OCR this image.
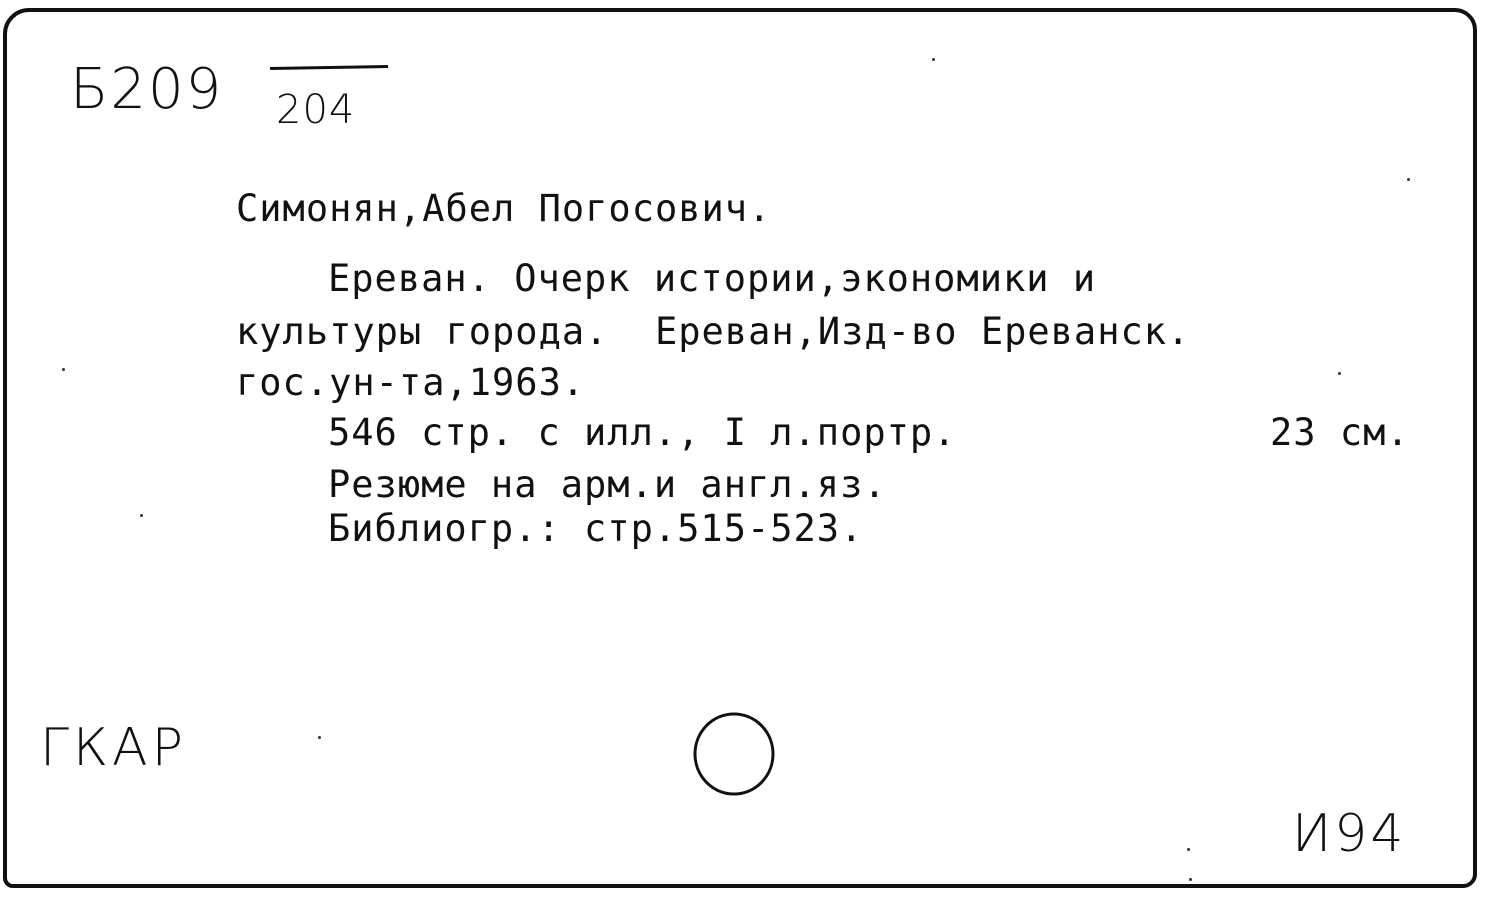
Б209 204
Симонян,Абел Погосович.
Ереван. Очерк истории,экономики и
культуры города.  Ереван,Изд-во Ереванск.
гос.ун-та,1963.
546 стр. с илл., I л.портр.	23 см.
Резюме на арм.и англ.яз.
Библиогр.: стр.515-523.
ГКАР
И94
